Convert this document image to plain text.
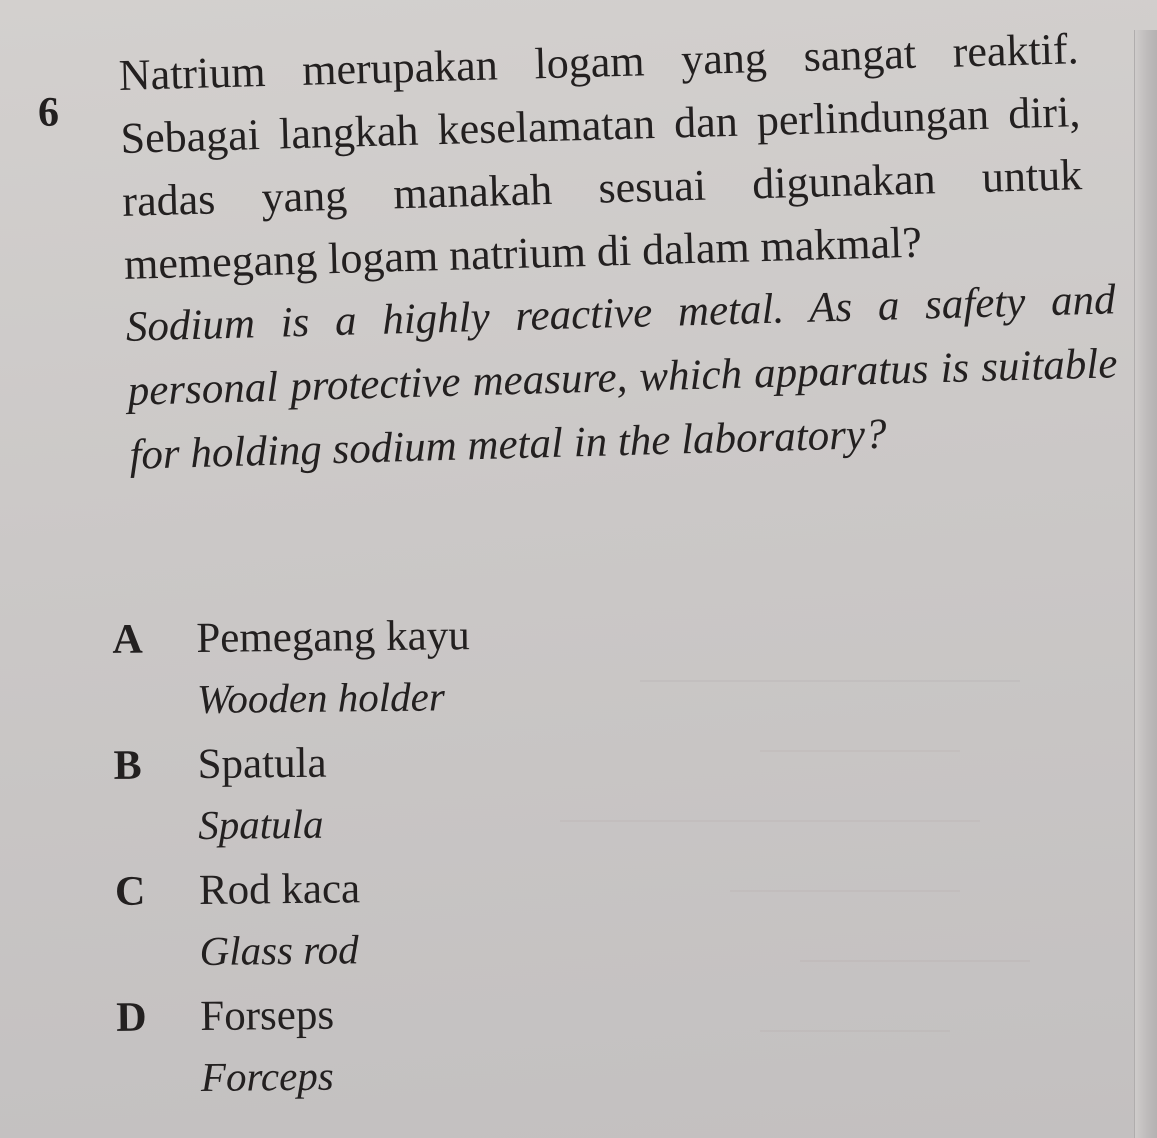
6

Natrium merupakan logam yang sangat reaktif. Sebagai langkah keselamatan dan perlindungan diri, radas yang manakah sesuai digunakan untuk memegang logam natrium di dalam makmal?

Sodium is a highly reactive metal. As a safety and personal protective measure, which apparatus is suitable for holding sodium metal in the laboratory?

A Pemegang kayu
Wooden holder
B Spatula
Spatula
C Rod kaca
Glass rod
D Forseps
Forceps
